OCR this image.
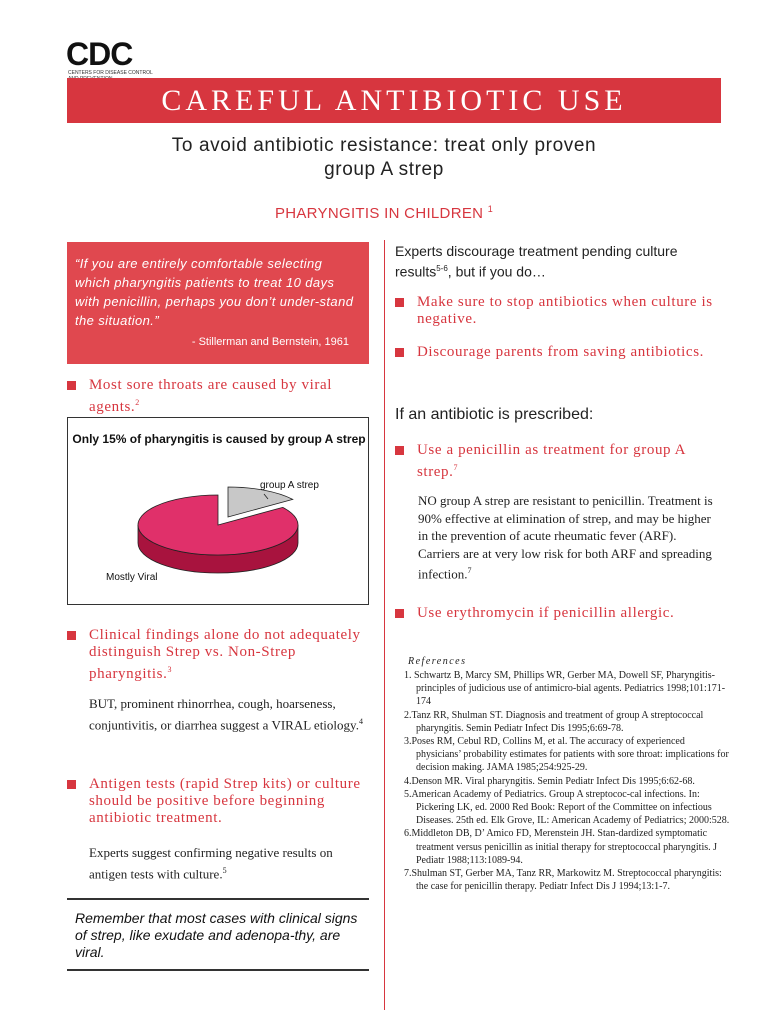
CDC
CENTERS FOR DISEASE CONTROL
CAREFUL ANTIBIOTIC USE
To avoid antibiotic resistance: treat only proven
group A strep
PHARYNGITIS IN CHILDREN $^1$
“If you are entirely comfortable selecting which pharyngitis patients to treat 10 days with penicillin, perhaps you don’t under-stand the situation.”
- Stillerman and Bernstein, 1961
Most sore throats are caused by viral agents.$^2$
Only 15% of pharyngitis is caused by group A strep
group A strep
Mostly Viral
Clinical findings alone do not adequately distinguish Strep vs. Non-Strep pharyngitis.$^3$
BUT, prominent rhinorrhea, cough, hoarseness, conjuntivitis, or diarrhea suggest a VIRAL etiology.$^4$
Antigen tests (rapid Strep kits) or culture should be positive before beginning antibiotic treatment.
Experts suggest confirming negative results on antigen tests with culture.$^5$
Remember that most cases with clinical signs of strep, like exudate and adenopa-thy, are viral.
Experts discourage treatment pending culture results$^{5-6}$, but if you do…
Make sure to stop antibiotics when culture is negative.
Discourage parents from saving antibiotics.
If an antibiotic is prescribed:
Use a penicillin as treatment for group A strep.$^7$
NO group A strep are resistant to penicillin. Treatment is 90% effective at elimination of strep, and may be higher in the prevention of acute rheumatic fever (ARF). Carriers are at very low risk for both ARF and spreading infection.$^7$
Use erythromycin if penicillin allergic.
References
1. Schwartz B, Marcy SM, Phillips WR, Gerber MA, Dowell SF, Pharyngitis-principles of judicious use of antimicro-bial agents. Pediatrics 1998;101:171-174
2.Tanz RR, Shulman ST. Diagnosis and treatment of group A streptococcal pharyngitis. Semin Pediatr Infect Dis 1995;6:69-78.
3.Poses RM, Cebul RD, Collins M, et al. The accuracy of experienced physicians’ probability estimates for patients with sore throat: implications for decision making. JAMA 1985;254:925-29.
4.Denson MR. Viral pharyngitis. Semin Pediatr Infect Dis 1995;6:62-68.
5.American Academy of Pediatrics. Group A streptococ-cal infections. In: Pickering LK, ed. 2000 Red Book: Report of the Committee on infectious Diseases. 25th ed. Elk Grove, IL: American Academy of Pediatrics; 2000:528.
6.Middleton DB, D’ Amico FD, Merenstein JH. Stan-dardized symptomatic treatment versus penicillin as initial therapy for streptococcal pharyngitis. J Pediatr 1988;113:1089-94.
7.Shulman ST, Gerber MA, Tanz RR, Markowitz M. Streptococcal pharyngitis: the case for penicillin therapy. Pediatr Infect Dis J 1994;13:1-7.
